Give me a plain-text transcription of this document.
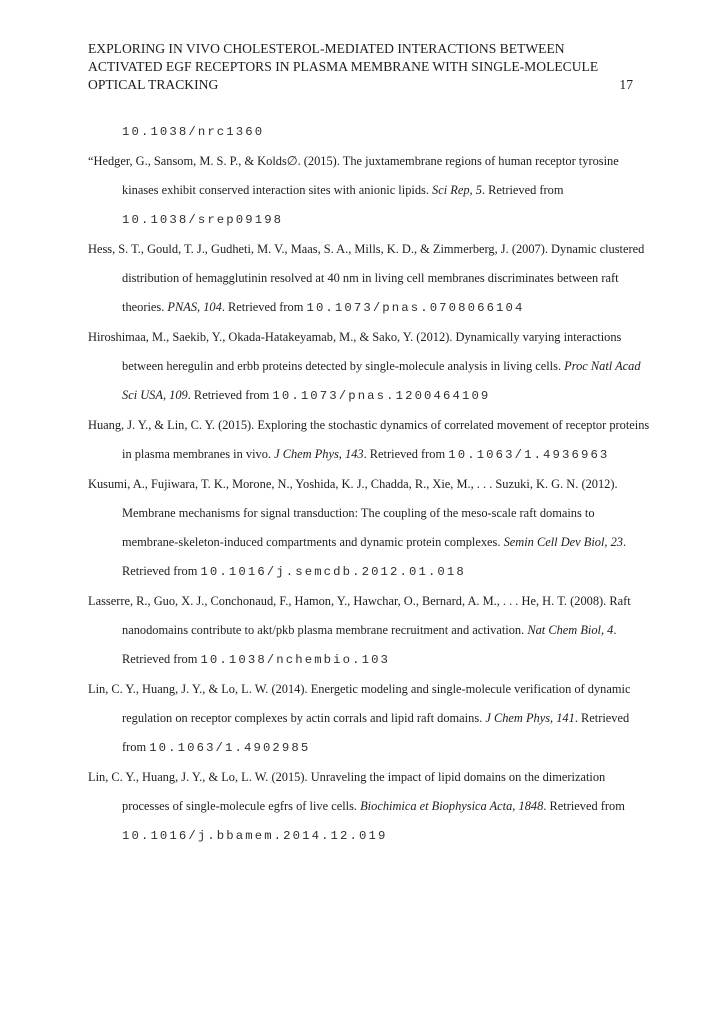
EXPLORING IN VIVO CHOLESTEROL-MEDIATED INTERACTIONS BETWEEN
ACTIVATED EGF RECEPTORS IN PLASMA MEMBRANE WITH SINGLE-MOLECULE
OPTICAL TRACKING	17

10.1038/nrc1360

“Hedger, G., Sansom, M. S. P., & Kolds∅. (2015). The juxtamembrane regions of human receptor tyrosine kinases exhibit conserved interaction sites with anionic lipids. Sci Rep, 5. Retrieved from 10.1038/srep09198

Hess, S. T., Gould, T. J., Gudheti, M. V., Maas, S. A., Mills, K. D., & Zimmerberg, J. (2007). Dynamic clustered distribution of hemagglutinin resolved at 40 nm in living cell membranes discriminates between raft theories. PNAS, 104. Retrieved from 10.1073/pnas.0708066104

Hiroshimaa, M., Saekib, Y., Okada-Hatakeyamab, M., & Sako, Y. (2012). Dynamically varying interactions between heregulin and erbb proteins detected by single-molecule analysis in living cells. Proc Natl Acad Sci USA, 109. Retrieved from 10.1073/pnas.1200464109

Huang, J. Y., & Lin, C. Y. (2015). Exploring the stochastic dynamics of correlated movement of receptor proteins in plasma membranes in vivo. J Chem Phys, 143. Retrieved from 10.1063/1.4936963

Kusumi, A., Fujiwara, T. K., Morone, N., Yoshida, K. J., Chadda, R., Xie, M., . . . Suzuki, K. G. N. (2012). Membrane mechanisms for signal transduction: The coupling of the meso-scale raft domains to membrane-skeleton-induced compartments and dynamic protein complexes. Semin Cell Dev Biol, 23. Retrieved from 10.1016/j.semcdb.2012.01.018

Lasserre, R., Guo, X. J., Conchonaud, F., Hamon, Y., Hawchar, O., Bernard, A. M., . . . He, H. T. (2008). Raft nanodomains contribute to akt/pkb plasma membrane recruitment and activation. Nat Chem Biol, 4. Retrieved from 10.1038/nchembio.103

Lin, C. Y., Huang, J. Y., & Lo, L. W. (2014). Energetic modeling and single-molecule verification of dynamic regulation on receptor complexes by actin corrals and lipid raft domains. J Chem Phys, 141. Retrieved from 10.1063/1.4902985

Lin, C. Y., Huang, J. Y., & Lo, L. W. (2015). Unraveling the impact of lipid domains on the dimerization processes of single-molecule egfrs of live cells. Biochimica et Biophysica Acta, 1848. Retrieved from 10.1016/j.bbamem.2014.12.019
